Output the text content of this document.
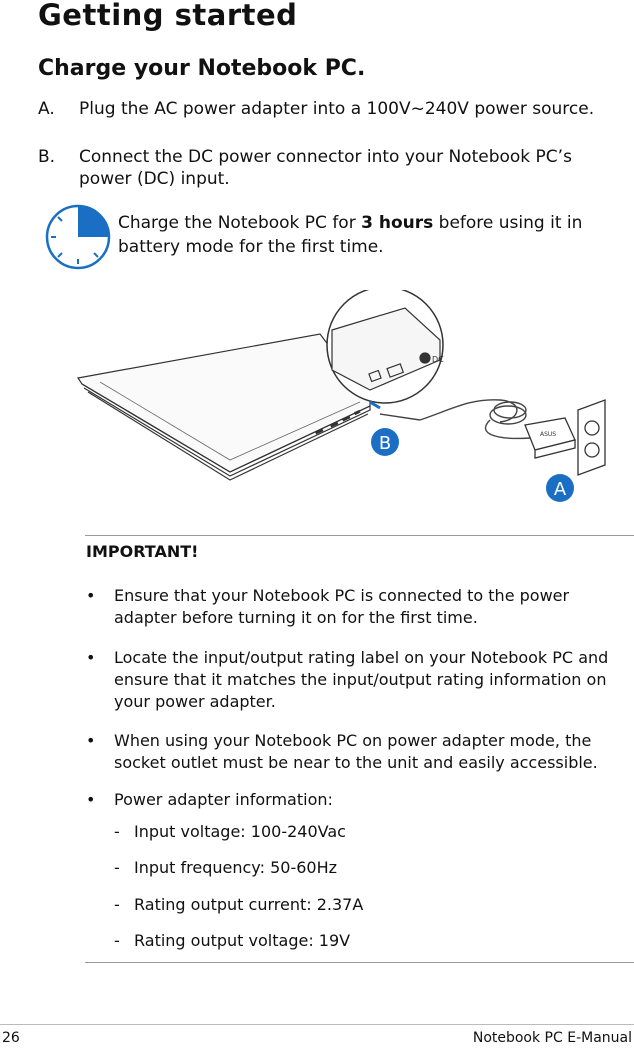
Getting started
Charge your Notebook PC.
A. Plug the AC power adapter into a 100V~240V power source.
B. Connect the DC power connector into your Notebook PC’s power (DC) input.
Charge the Notebook PC for 3 hours before using it in battery mode for the first time.
DC
ASUS
B
A
IMPORTANT!
• Ensure that your Notebook PC is connected to the power adapter before turning it on for the first time.
• Locate the input/output rating label on your Notebook PC and ensure that it matches the input/output rating information on your power adapter.
• When using your Notebook PC on power adapter mode, the socket outlet must be near to the unit and easily accessible.
• Power adapter information:
- Input voltage: 100-240Vac
- Input frequency: 50-60Hz
- Rating output current: 2.37A
- Rating output voltage: 19V
26	Notebook PC E-Manual
